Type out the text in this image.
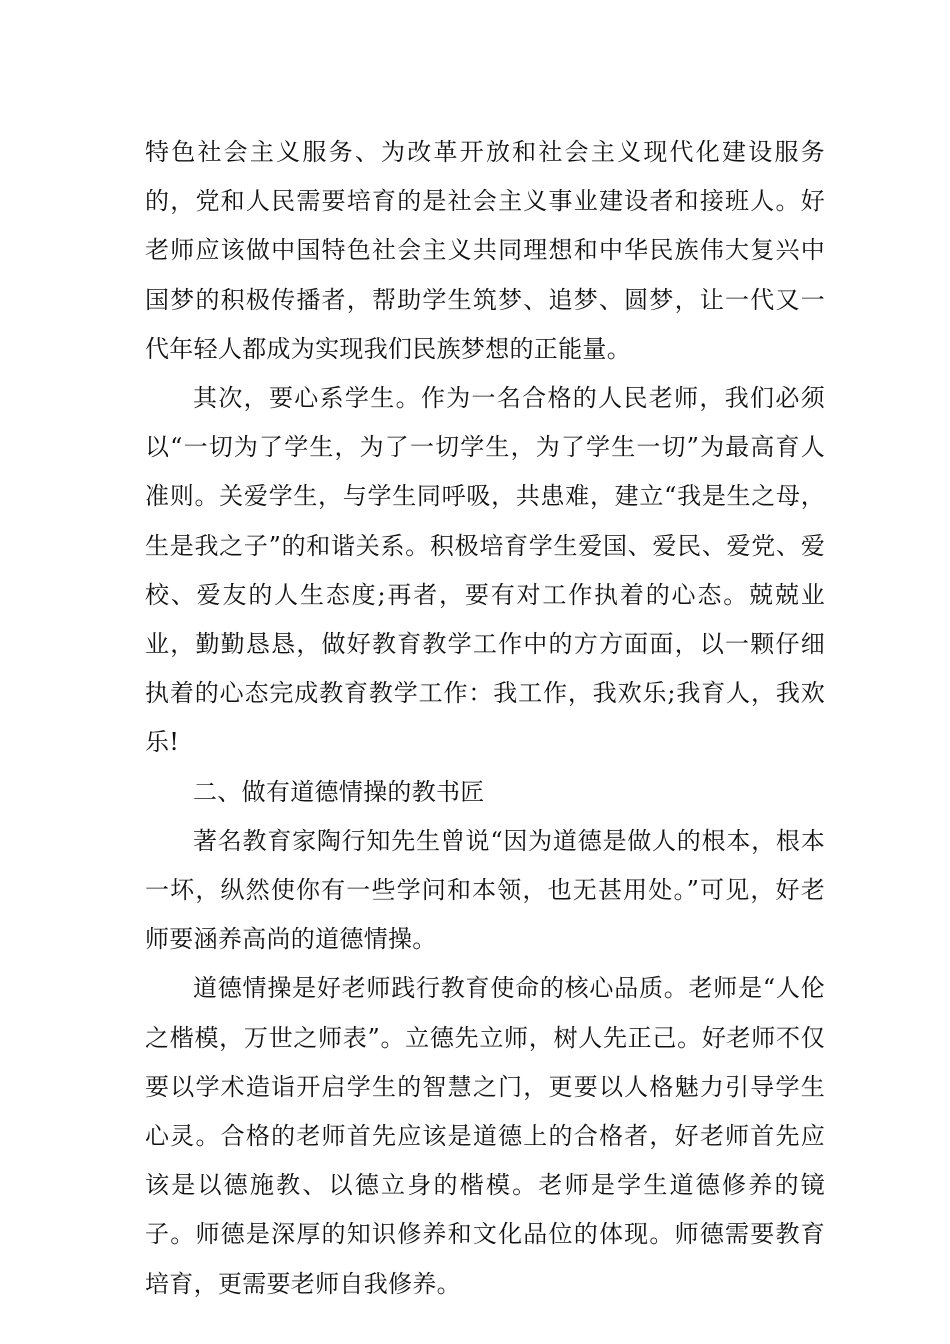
特色社会主义服务、为改革开放和社会主义现代化建设服务的，党和人民需要培育的是社会主义事业建设者和接班人。好老师应该做中国特色社会主义共同理想和中华民族伟大复兴中国梦的积极传播者，帮助学生筑梦、追梦、圆梦，让一代又一代年轻人都成为实现我们民族梦想的正能量。

其次，要心系学生。作为一名合格的人民老师，我们必须以“一切为了学生，为了一切学生，为了学生一切”为最高育人准则。关爱学生，与学生同呼吸，共患难，建立“我是生之母，生是我之子”的和谐关系。积极培育学生爱国、爱民、爱党、爱校、爱友的人生态度;再者，要有对工作执着的心态。兢兢业业，勤勤恳恳，做好教育教学工作中的方方面面，以一颗仔细执着的心态完成教育教学工作：我工作，我欢乐;我育人，我欢乐!

二、做有道德情操的教书匠

著名教育家陶行知先生曾说“因为道德是做人的根本，根本一坏，纵然使你有一些学问和本领，也无甚用处。”可见，好老师要涵养高尚的道德情操。

道德情操是好老师践行教育使命的核心品质。老师是“人伦之楷模，万世之师表”。立德先立师，树人先正己。好老师不仅要以学术造诣开启学生的智慧之门，更要以人格魅力引导学生心灵。合格的老师首先应该是道德上的合格者，好老师首先应该是以德施教、以德立身的楷模。老师是学生道德修养的镜子。师德是深厚的知识修养和文化品位的体现。师德需要教育培育，更需要老师自我修养。
